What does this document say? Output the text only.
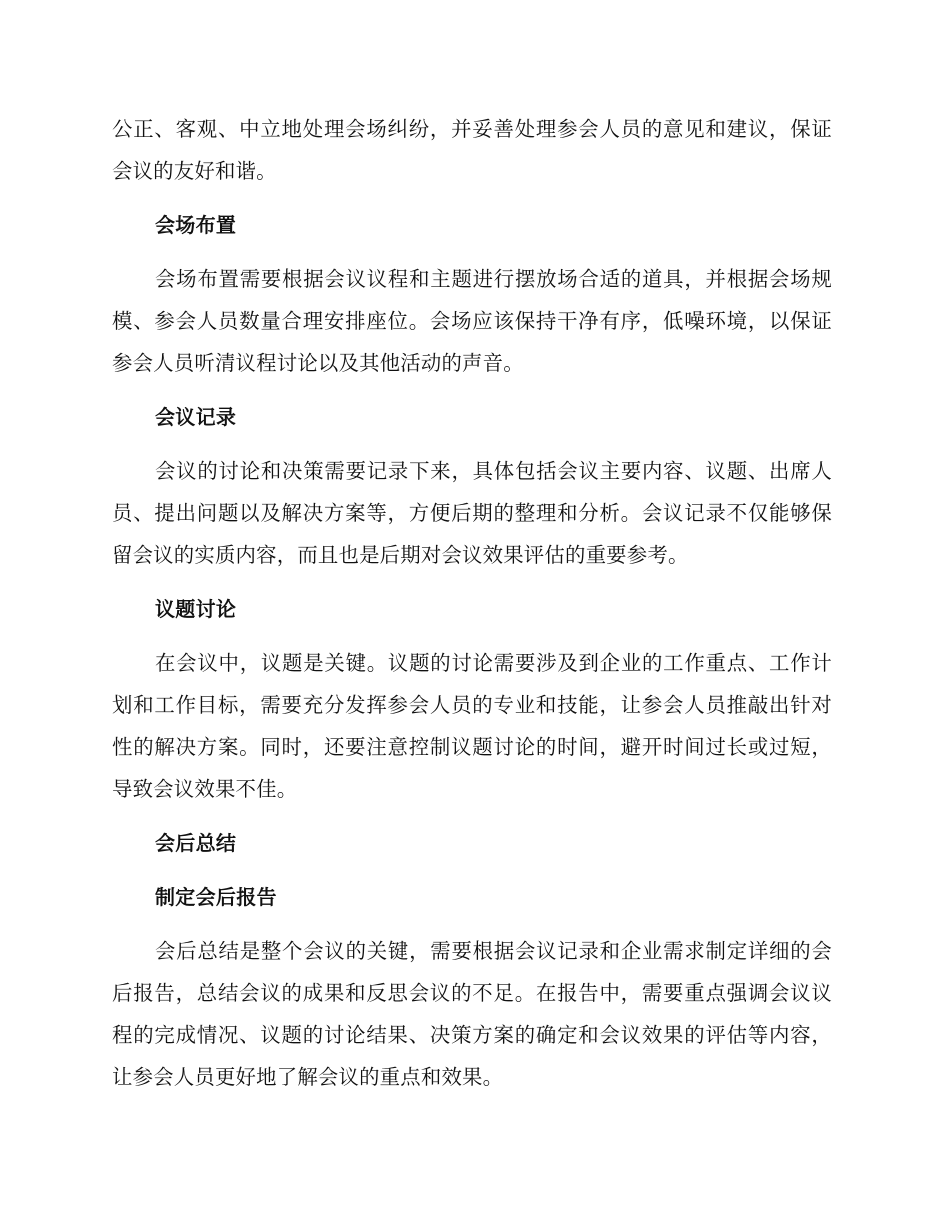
公正、客观、中立地处理会场纠纷，并妥善处理参会人员的意见和建议，保证会议的友好和谐。

会场布置

会场布置需要根据会议议程和主题进行摆放场合适的道具，并根据会场规模、参会人员数量合理安排座位。会场应该保持干净有序，低噪环境，以保证参会人员听清议程讨论以及其他活动的声音。

会议记录

会议的讨论和决策需要记录下来，具体包括会议主要内容、议题、出席人员、提出问题以及解决方案等，方便后期的整理和分析。会议记录不仅能够保留会议的实质内容，而且也是后期对会议效果评估的重要参考。

议题讨论

在会议中，议题是关键。议题的讨论需要涉及到企业的工作重点、工作计划和工作目标，需要充分发挥参会人员的专业和技能，让参会人员推敲出针对性的解决方案。同时，还要注意控制议题讨论的时间，避开时间过长或过短，导致会议效果不佳。

会后总结
制定会后报告

会后总结是整个会议的关键，需要根据会议记录和企业需求制定详细的会后报告，总结会议的成果和反思会议的不足。在报告中，需要重点强调会议议程的完成情况、议题的讨论结果、决策方案的确定和会议效果的评估等内容，让参会人员更好地了解会议的重点和效果。
